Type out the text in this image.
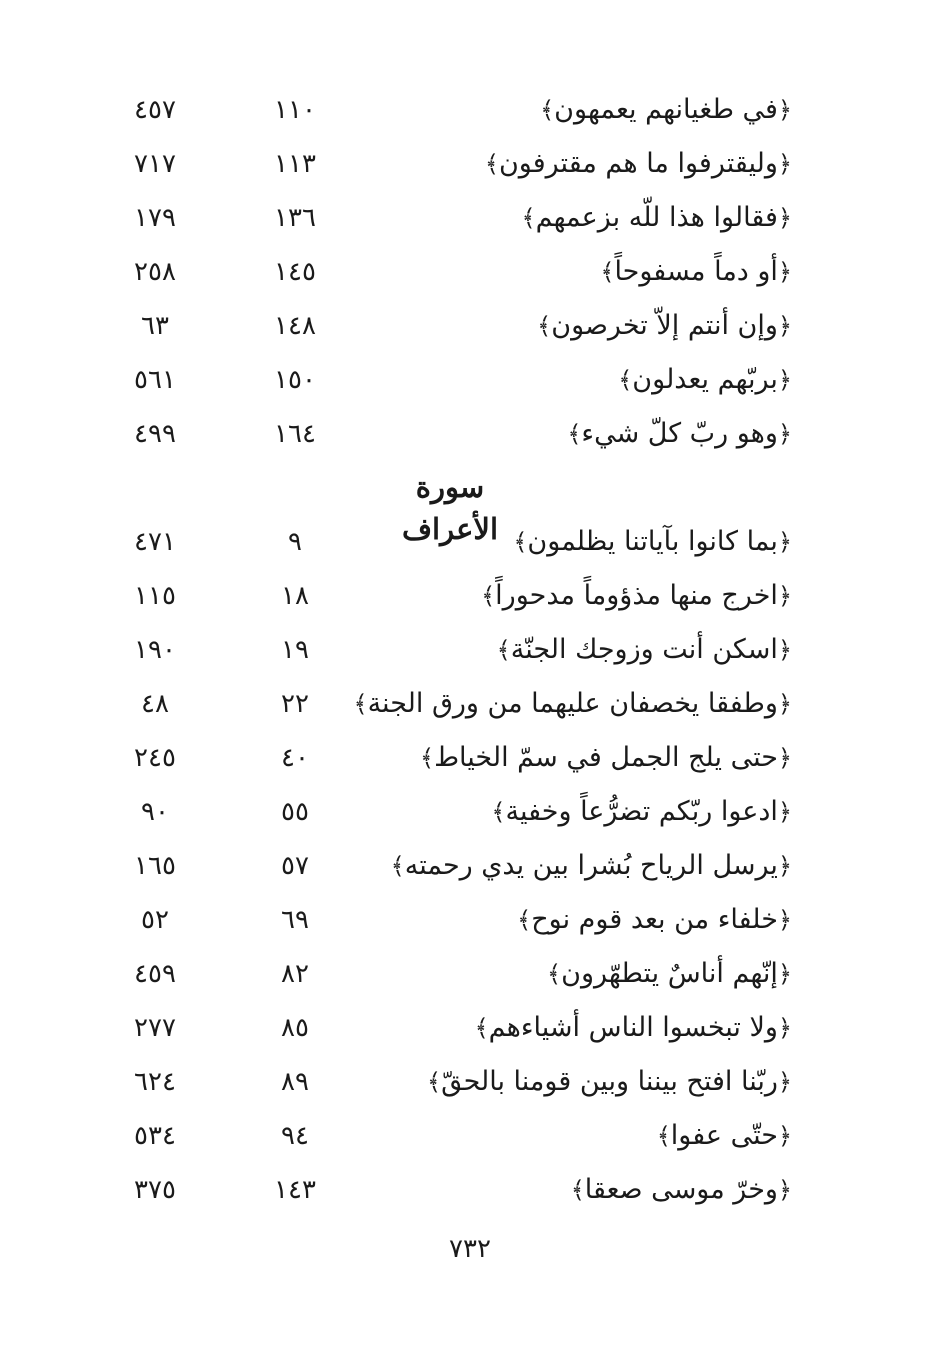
﴿في طغيانهم يعمهون﴾
١١٠
٤٥٧
﴿وليقترفوا ما هم مقترفون﴾
١١٣
٧١٧
﴿فقالوا هذا للّه بزعمهم﴾
١٣٦
١٧٩
﴿أو دماً مسفوحاً﴾
١٤٥
٢٥٨
﴿وإن أنتم إلاّ تخرصون﴾
١٤٨
٦٣
﴿بربّهم يعدلون﴾
١٥٠
٥٦١
﴿وهو ربّ كلّ شيء﴾
١٦٤
٤٩٩
سورة الأعراف	﴿بما كانوا بآياتنا يظلمون﴾
٩
٤٧١
﴿اخرج منها مذؤوماً مدحوراً﴾
١٨
١١٥
﴿اسكن أنت وزوجك الجنّة﴾
١٩
١٩٠
﴿وطفقا يخصفان عليهما من ورق الجنة﴾
٢٢
٤٨
﴿حتى يلج الجمل في سمّ الخياط﴾
٤٠
٢٤٥
﴿ادعوا ربّكم تضرُّعاً وخفية﴾
٥٥
٩٠
﴿يرسل الرياح بُشرا بين يدي رحمته﴾
٥٧
١٦٥
﴿خلفاء من بعد قوم نوح﴾
٦٩
٥٢
﴿إنّهم أناسٌ يتطهّرون﴾
٨٢
٤٥٩
﴿ولا تبخسوا الناس أشياءهم﴾
٨٥
٢٧٧
﴿ربّنا افتح بيننا وبين قومنا بالحقّ﴾
٨٩
٦٢٤
﴿حتّى عفوا﴾
٩٤
٥٣٤
﴿وخرّ موسى صعقا﴾
١٤٣
٣٧٥
٧٣٢
